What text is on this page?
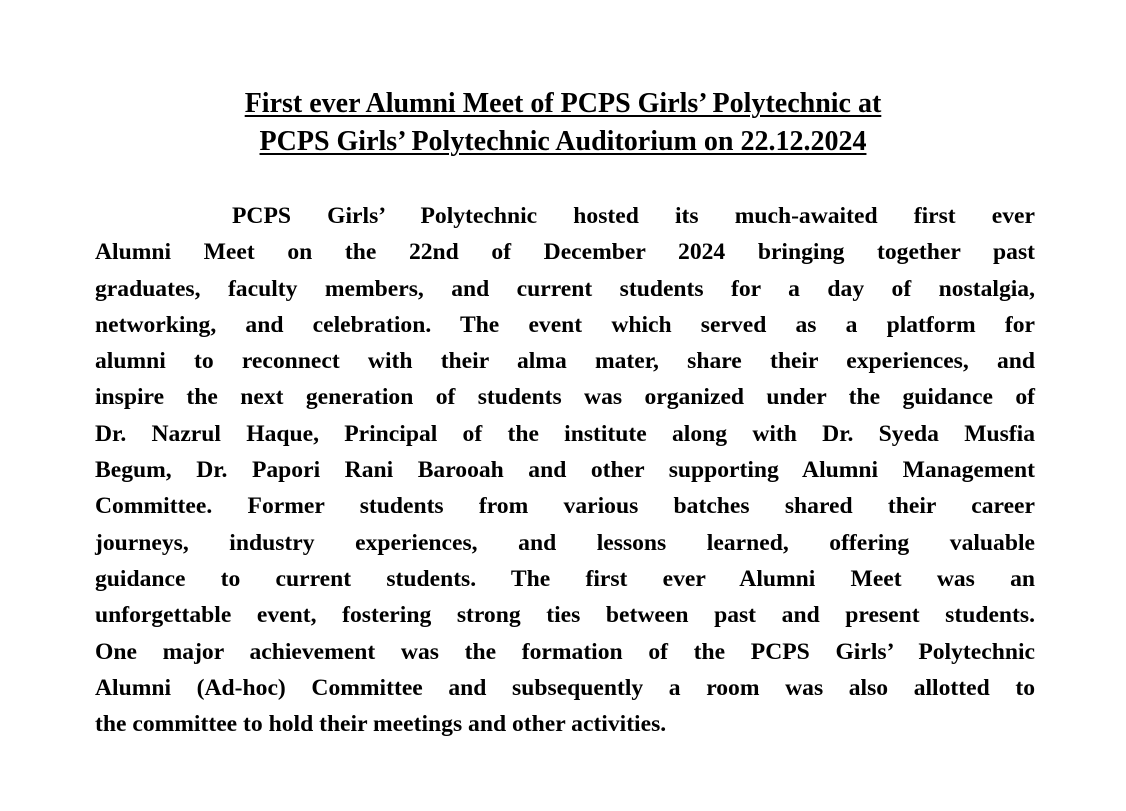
First ever Alumni Meet of PCPS Girls’ Polytechnic at
PCPS Girls’ Polytechnic Auditorium on 22.12.2024
PCPS Girls’ Polytechnic hosted its much-awaited first ever
Alumni Meet on the 22nd of December 2024 bringing together past
graduates, faculty members, and current students for a day of nostalgia,
networking, and celebration. The event which served as a platform for
alumni to reconnect with their alma mater, share their experiences, and
inspire the next generation of students was organized under the guidance of
Dr. Nazrul Haque, Principal of the institute along with Dr. Syeda Musfia
Begum, Dr. Papori Rani Barooah and other supporting Alumni Management
Committee. Former students from various batches shared their career
journeys, industry experiences, and lessons learned, offering valuable
guidance to current students. The first ever Alumni Meet was an
unforgettable event, fostering strong ties between past and present students.
One major achievement was the formation of the PCPS Girls’ Polytechnic
Alumni (Ad-hoc) Committee and subsequently a room was also allotted to
the committee to hold their meetings and other activities.
